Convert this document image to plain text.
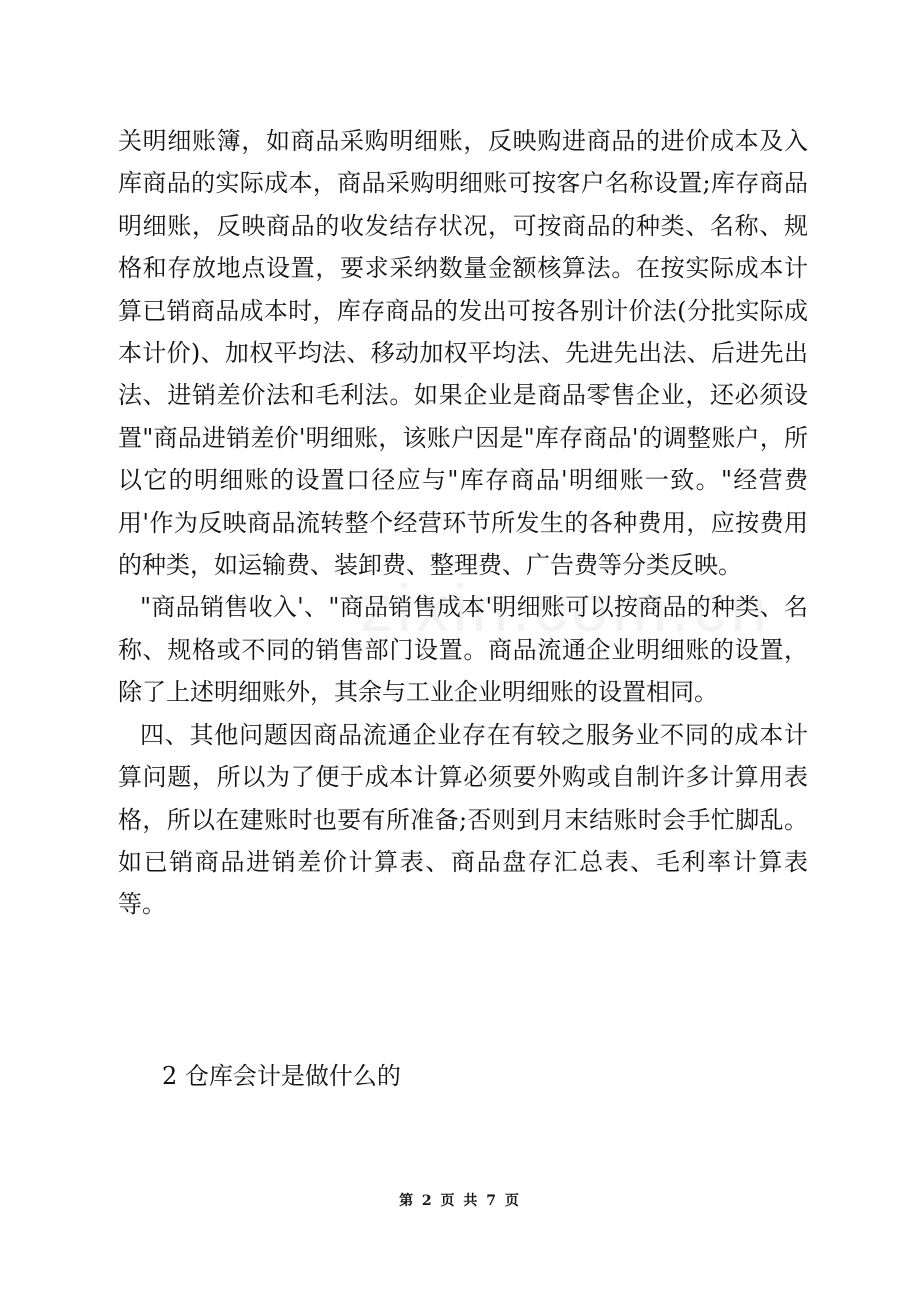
关明细账簿，如商品采购明细账，反映购进商品的进价成本及入库商品的实际成本，商品采购明细账可按客户名称设置;库存商品明细账，反映商品的收发结存状况，可按商品的种类、名称、规格和存放地点设置，要求采纳数量金额核算法。在按实际成本计算已销商品成本时，库存商品的发出可按各别计价法(分批实际成本计价)、加权平均法、移动加权平均法、先进先出法、后进先出法、进销差价法和毛利法。如果企业是商品零售企业，还必须设置"商品进销差价'明细账，该账户因是"库存商品'的调整账户，所以它的明细账的设置口径应与"库存商品'明细账一致。"经营费用'作为反映商品流转整个经营环节所发生的各种费用，应按费用的种类，如运输费、装卸费、整理费、广告费等分类反映。

"商品销售收入'、"商品销售成本'明细账可以按商品的种类、名称、规格或不同的销售部门设置。商品流通企业明细账的设置，除了上述明细账外，其余与工业企业明细账的设置相同。

四、其他问题因商品流通企业存在有较之服务业不同的成本计算问题，所以为了便于成本计算必须要外购或自制许多计算用表格，所以在建账时也要有所准备;否则到月末结账时会手忙脚乱。如已销商品进销差价计算表、商品盘存汇总表、毛利率计算表等。

2 仓库会计是做什么的
第 2 页 共 7 页
